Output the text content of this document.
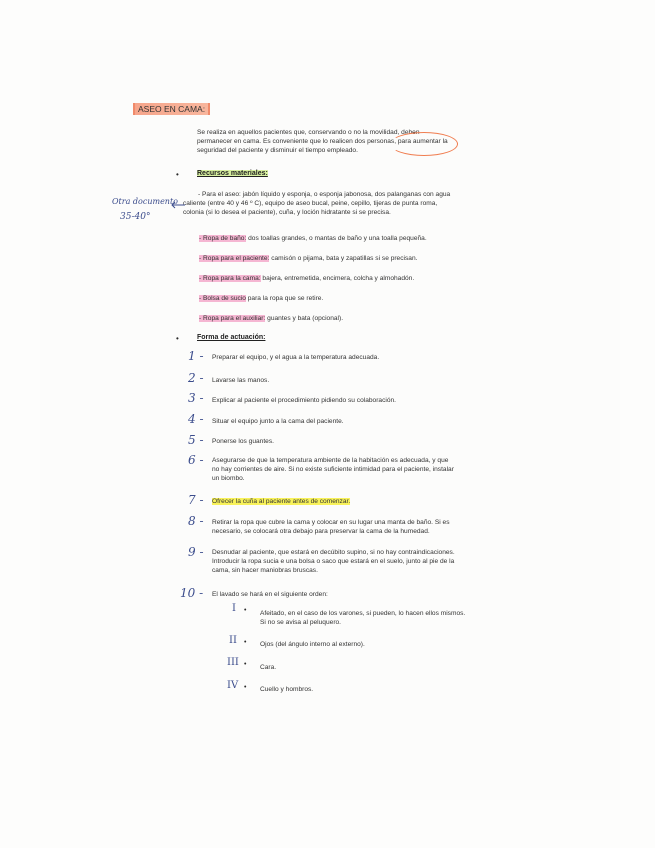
ASEO EN CAMA:
Se realiza en aquellos pacientes que, conservando o no la movilidad, deben
permanecer en cama. Es conveniente que lo realicen dos personas, para aumentar la
seguridad del paciente y disminuir el tiempo empleado.
•	Recursos materiales:
- Para el aseo: jabón líquido y esponja, o esponja jabonosa, dos palanganas con agua
caliente (entre 40 y 46 º C), equipo de aseo bucal, peine, cepillo, tijeras de punta roma,
colonia (si lo desea el paciente), cuña, y loción hidratante si se precisa.
Otra documento
35-40°
- Ropa de baño: dos toallas grandes, o mantas de baño y una toalla pequeña.
- Ropa para el paciente: camisón o pijama, bata y zapatillas si se precisan.
- Ropa para la cama: bajera, entremetida, encimera, colcha y almohadón.
- Bolsa de sucio para la ropa que se retire.
- Ropa para el auxiliar: guantes y bata (opcional).
•	Forma de actuación:
1 - Preparar el equipo, y el agua a la temperatura adecuada.
2 - Lavarse las manos.
3 - Explicar al paciente el procedimiento pidiendo su colaboración.
4 - Situar el equipo junto a la cama del paciente.
5 - Ponerse los guantes.
6 - Asegurarse de que la temperatura ambiente de la habitación es adecuada, y que
no hay corrientes de aire. Si no existe suficiente intimidad para el paciente, instalar
un biombo.
7 - Ofrecer la cuña al paciente antes de comenzar.
8 - Retirar la ropa que cubre la cama y colocar en su lugar una manta de baño. Si es
necesario, se colocará otra debajo para preservar la cama de la humedad.
9 - Desnudar al paciente, que estará en decúbito supino, si no hay contraindicaciones.
Introducir la ropa sucia e una bolsa o saco que estará en el suelo, junto al pie de la
cama, sin hacer maniobras bruscas.
10 - El lavado se hará en el siguiente orden:
I • Afeitado, en el caso de los varones, si pueden, lo hacen ellos mismos.
Si no se avisa al peluquero.
II • Ojos (del ángulo interno al externo).
III • Cara.
IV • Cuello y hombros.
